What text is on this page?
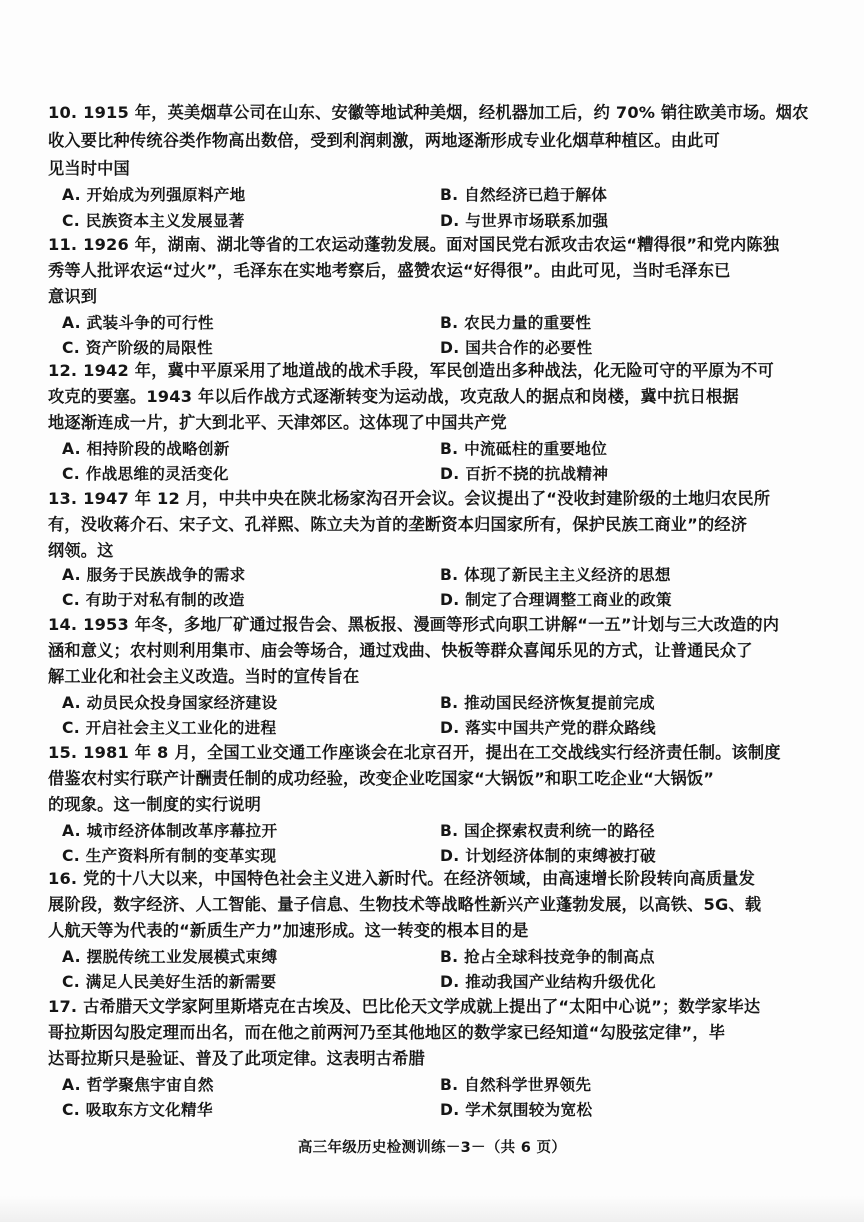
10. 1915 年，英美烟草公司在山东、安徽等地试种美烟，经机器加工后，约 70% 销往欧美市场。烟农
收入要比种传统谷类作物高出数倍，受到利润刺激，两地逐渐形成专业化烟草种植区。由此可
见当时中国
A. 开始成为列强原料产地	B. 自然经济已趋于解体
C. 民族资本主义发展显著	D. 与世界市场联系加强
11. 1926 年，湖南、湖北等省的工农运动蓬勃发展。面对国民党右派攻击农运“糟得很”和党内陈独
秀等人批评农运“过火”，毛泽东在实地考察后，盛赞农运“好得很”。由此可见，当时毛泽东已
意识到
A. 武装斗争的可行性	B. 农民力量的重要性
C. 资产阶级的局限性	D. 国共合作的必要性
12. 1942 年，冀中平原采用了地道战的战术手段，军民创造出多种战法，化无险可守的平原为不可
攻克的要塞。1943 年以后作战方式逐渐转变为运动战，攻克敌人的据点和岗楼，冀中抗日根据
地逐渐连成一片，扩大到北平、天津郊区。这体现了中国共产党
A. 相持阶段的战略创新	B. 中流砥柱的重要地位
C. 作战思维的灵活变化	D. 百折不挠的抗战精神
13. 1947 年 12 月，中共中央在陕北杨家沟召开会议。会议提出了“没收封建阶级的土地归农民所
有，没收蒋介石、宋子文、孔祥熙、陈立夫为首的垄断资本归国家所有，保护民族工商业”的经济
纲领。这
A. 服务于民族战争的需求	B. 体现了新民主主义经济的思想
C. 有助于对私有制的改造	D. 制定了合理调整工商业的政策
14. 1953 年冬，多地厂矿通过报告会、黑板报、漫画等形式向职工讲解“一五”计划与三大改造的内
涵和意义；农村则利用集市、庙会等场合，通过戏曲、快板等群众喜闻乐见的方式，让普通民众了
解工业化和社会主义改造。当时的宣传旨在
A. 动员民众投身国家经济建设	B. 推动国民经济恢复提前完成
C. 开启社会主义工业化的进程	D. 落实中国共产党的群众路线
15. 1981 年 8 月，全国工业交通工作座谈会在北京召开，提出在工交战线实行经济责任制。该制度
借鉴农村实行联产计酬责任制的成功经验，改变企业吃国家“大锅饭”和职工吃企业“大锅饭”
的现象。这一制度的实行说明
A. 城市经济体制改革序幕拉开	B. 国企探索权责利统一的路径
C. 生产资料所有制的变革实现	D. 计划经济体制的束缚被打破
16. 党的十八大以来，中国特色社会主义进入新时代。在经济领域，由高速增长阶段转向高质量发
展阶段，数字经济、人工智能、量子信息、生物技术等战略性新兴产业蓬勃发展，以高铁、5G、载
人航天等为代表的“新质生产力”加速形成。这一转变的根本目的是
A. 摆脱传统工业发展模式束缚	B. 抢占全球科技竞争的制高点
C. 满足人民美好生活的新需要	D. 推动我国产业结构升级优化
17. 古希腊天文学家阿里斯塔克在古埃及、巴比伦天文学成就上提出了“太阳中心说”；数学家毕达
哥拉斯因勾股定理而出名，而在他之前两河乃至其他地区的数学家已经知道“勾股弦定律”，毕
达哥拉斯只是验证、普及了此项定律。这表明古希腊
A. 哲学聚焦宇宙自然	B. 自然科学世界领先
C. 吸取东方文化精华	D. 学术氛围较为宽松
高三年级历史检测训练－3－（共 6 页）
